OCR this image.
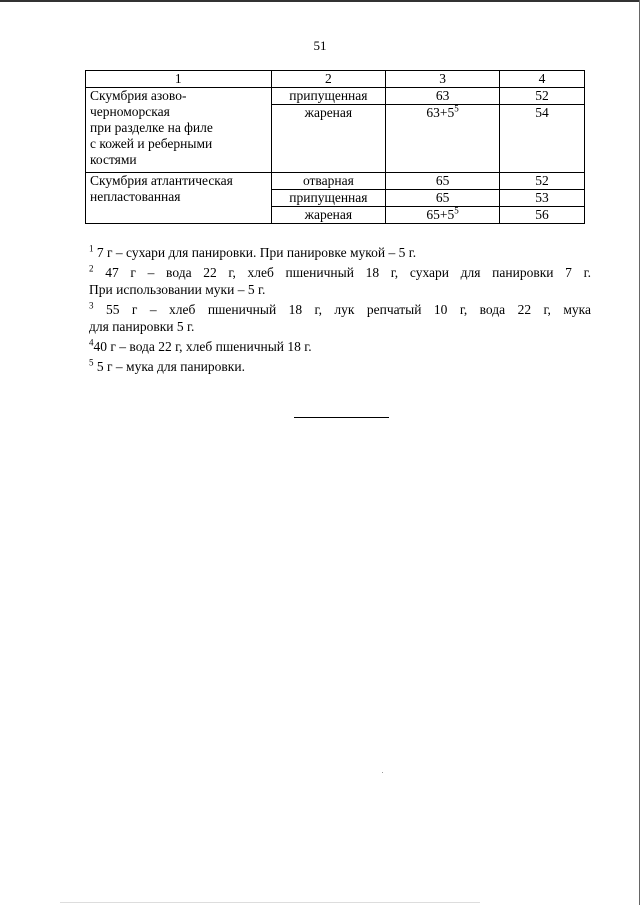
51
1	2	3	4

Скумбрия азово-
черноморская
при разделке на филе
с кожей и реберными
костями	припущенная	63	52
	жареная	$63+5^5$	54

Скумбрия атлантическая
непластованная	отварная	65	52
	припущенная	65	53
	жареная	$65+5^5$	56

$^1$ 7 г – сухари для панировки. При панировке мукой – 5 г.

$^2$ 47 г – вода 22 г, хлеб пшеничный 18 г, сухари для панировки 7 г.
При использовании муки – 5 г.

$^3$ 55 г – хлеб пшеничный 18 г, лук репчатый 10 г, вода 22 г, мука
для панировки 5 г.

$^4$40 г – вода 22 г, хлеб пшеничный 18 г.

$^5$ 5 г – мука для панировки.
